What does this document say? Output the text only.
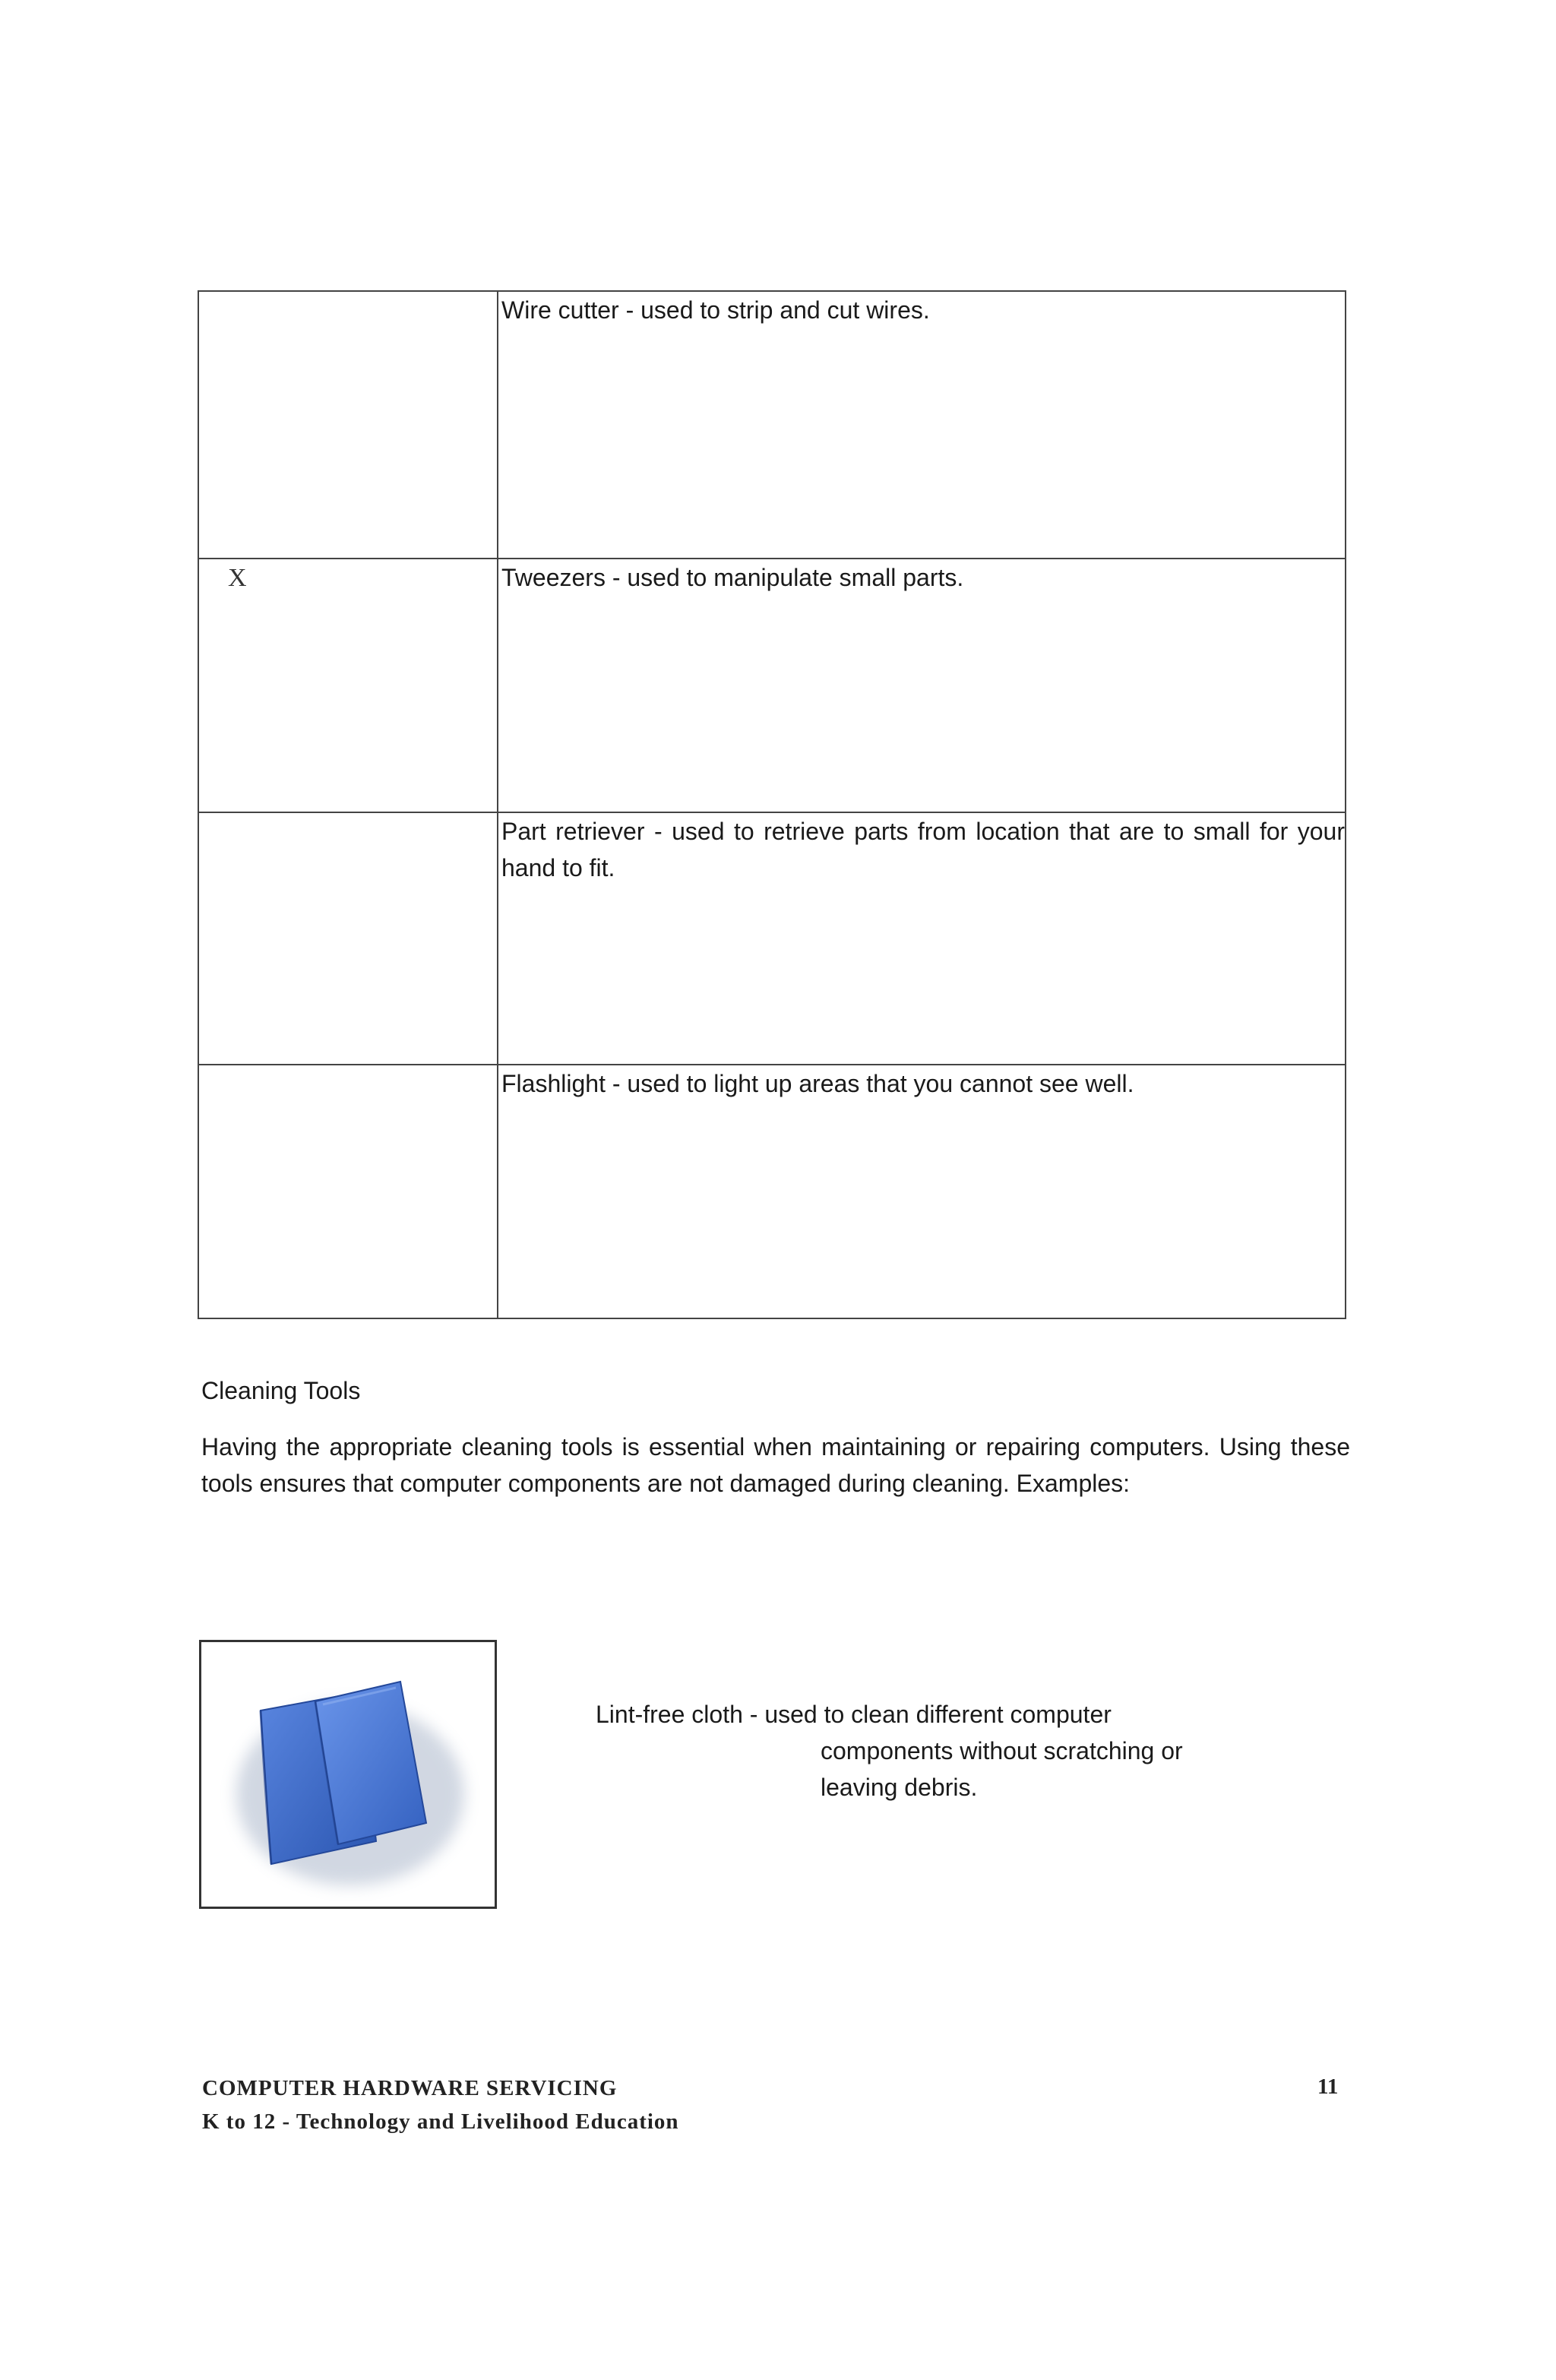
	Wire cutter - used to strip and cut wires.
X	Tweezers - used to manipulate small parts.
	Part retriever - used to retrieve parts from location that are to small for your hand to fit.
	Flashlight - used to light up areas that you cannot see well.
Cleaning Tools
Having the appropriate cleaning tools is essential when maintaining or repairing computers. Using these tools ensures that computer components are not damaged during cleaning. Examples:
Lint-free cloth - used to clean different computer
components without scratching or
leaving debris.
COMPUTER HARDWARE SERVICING
K to 12 - Technology and Livelihood Education
11
